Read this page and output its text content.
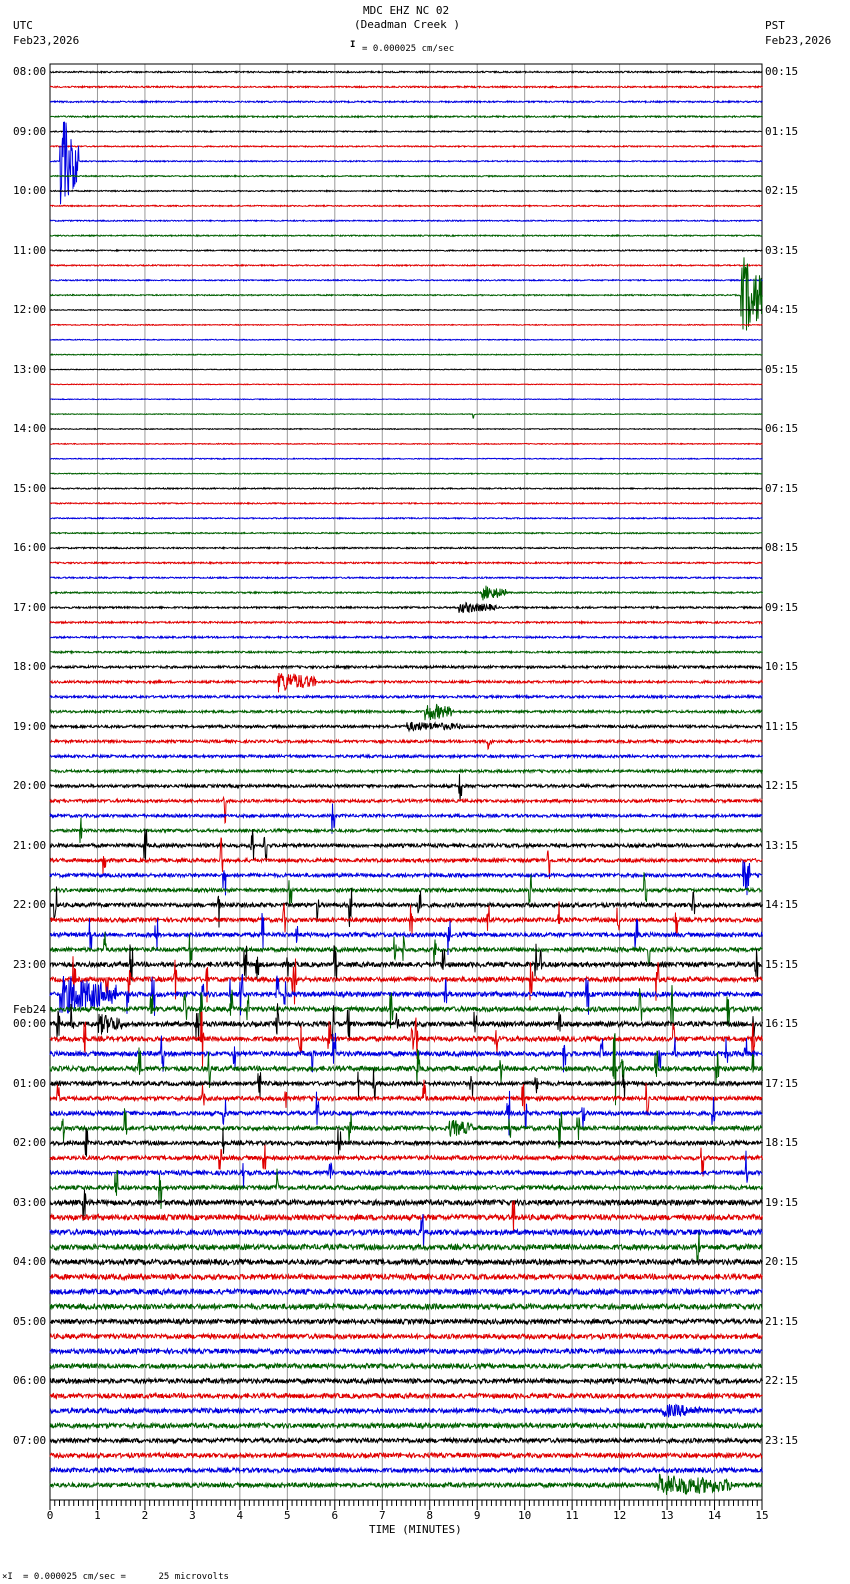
MDC EHZ NC 02
(Deadman Creek )
UTC
Feb23,2026
PST
Feb23,2026
I = 0.000025 cm/sec
0	1	2	3	4	5	6	7	8	9	10	11	12	13	14	15
TIME (MINUTES)
×I = 0.000025 cm/sec =      25 microvolts
08:00	00:15
09:00	01:15
10:00	02:15
11:00	03:15
12:00	04:15
13:00	05:15
14:00	06:15
15:00	07:15
16:00	08:15
17:00	09:15
18:00	10:15
19:00	11:15
20:00	12:15
21:00	13:15
22:00	14:15
23:00	15:15
00:00	16:15
Feb24
01:00	17:15
02:00	18:15
03:00	19:15
04:00	20:15
05:00	21:15
06:00	22:15
07:00	23:15
